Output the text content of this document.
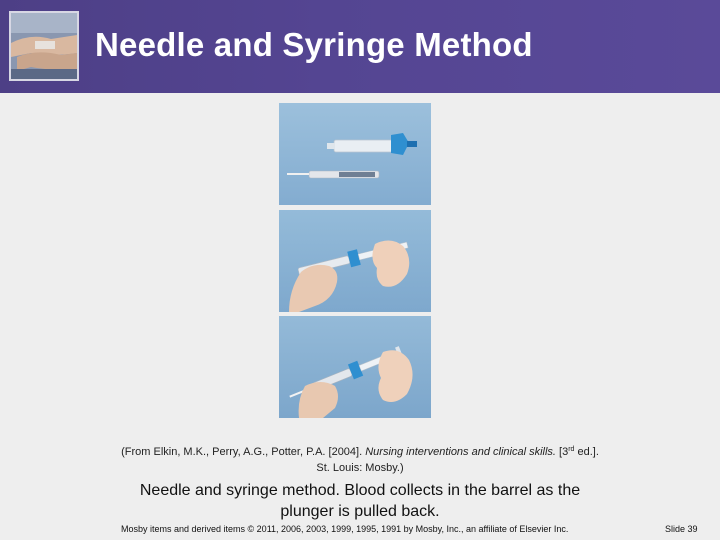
Needle and Syringe Method
(From Elkin, M.K., Perry, A.G., Potter, P.A. [2004]. Nursing interventions and clinical skills. [3rd ed.].
St. Louis: Mosby.)
Needle and syringe method. Blood collects in the barrel as the
plunger is pulled back.
Mosby items and derived items © 2011, 2006, 2003, 1999, 1995, 1991 by Mosby, Inc., an affiliate of Elsevier Inc.	Slide 39
